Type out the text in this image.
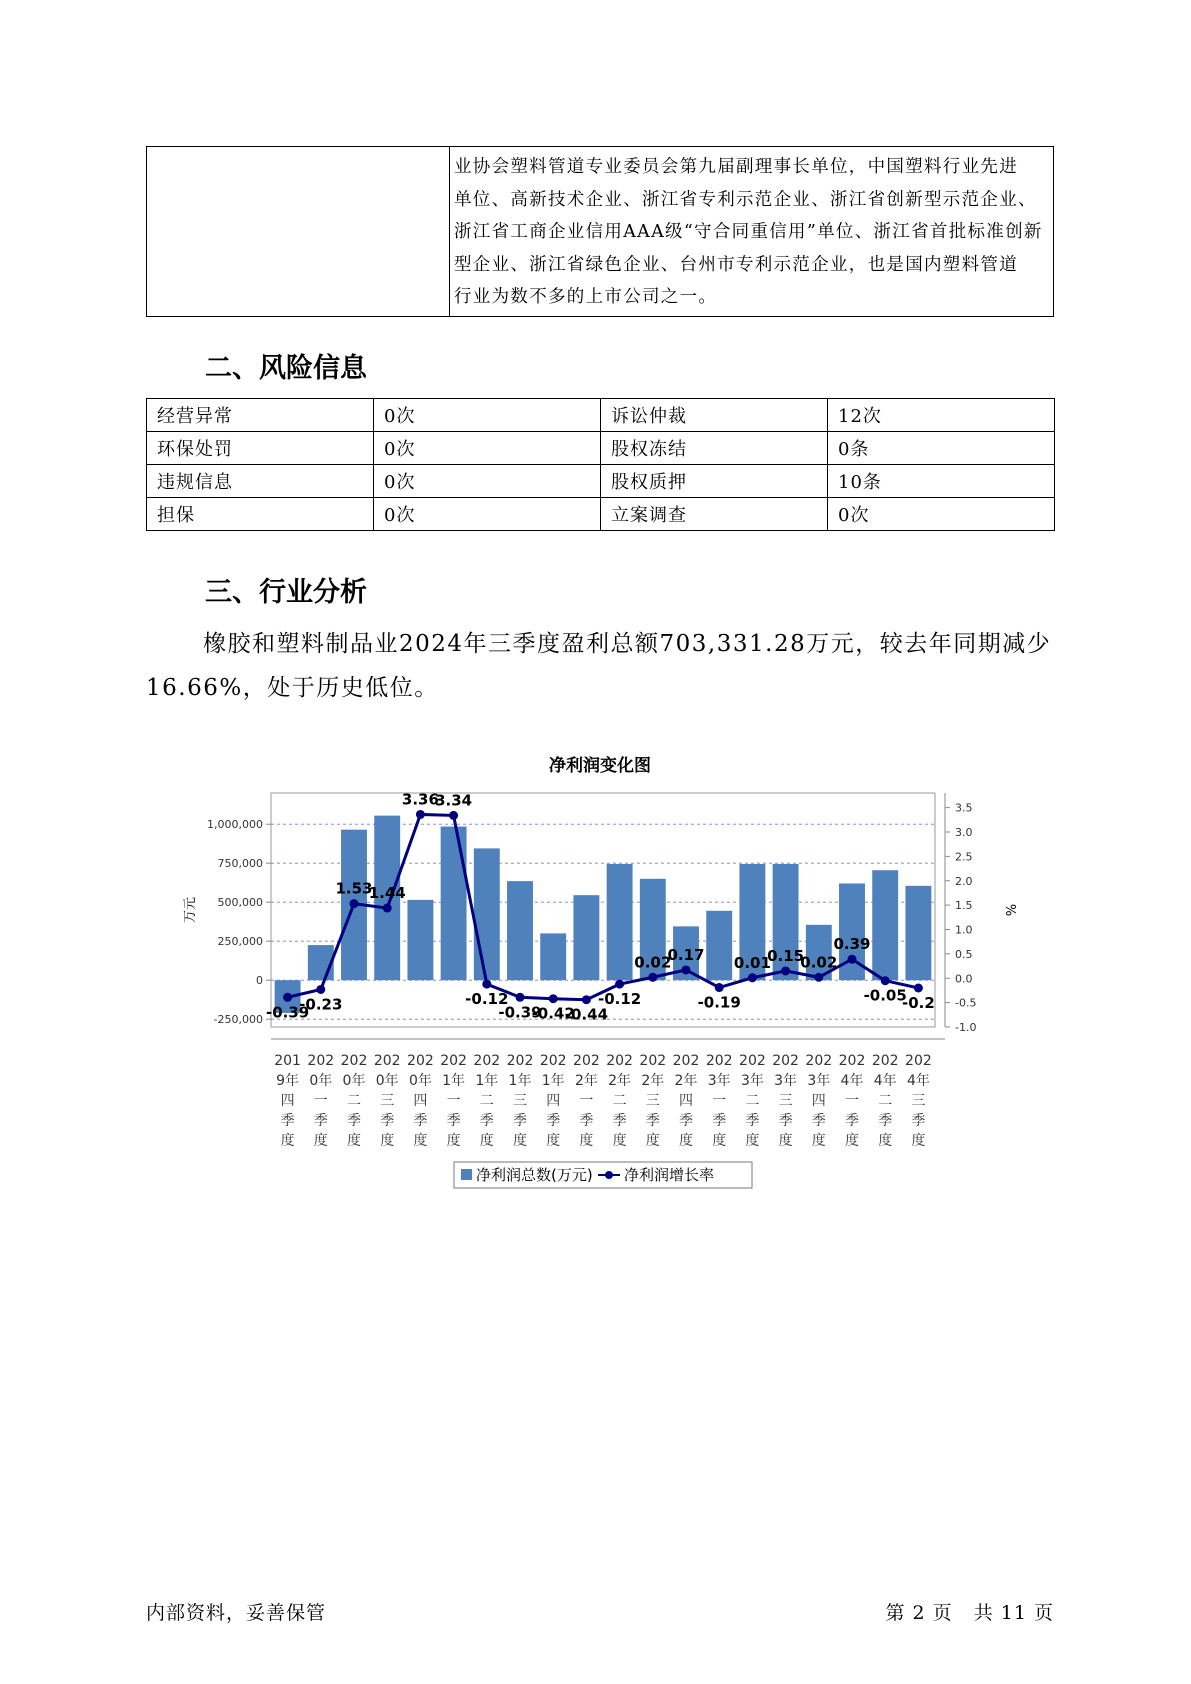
业协会塑料管道专业委员会第九届副理事长单位，中国塑料行业先进
单位、高新技术企业、浙江省专利示范企业、浙江省创新型示范企业、
浙江省工商企业信用AAA级“守合同重信用”单位、浙江省首批标准创新
型企业、浙江省绿色企业、台州市专利示范企业，也是国内塑料管道
行业为数不多的上市公司之一。
二、风险信息
经营异常	0次	诉讼仲裁	12次
环保处罚	0次	股权冻结	0条
违规信息	0次	股权质押	10条
担保	0次	立案调查	0次
三、行业分析

橡胶和塑料制品业2024年三季度盈利总额703,331.28万元，较去年同期减少16.66%，处于历史低位。

净利润变化图
-0.39
-0.23
1.53
1.44
3.36
3.34
-0.12
-0.39
-0.42
-0.44
-0.12
0.02
0.17
-0.19
0.01
0.15
0.02
0.39
-0.05
-0.2
-250,000
0
250,000
500,000
750,000
1,000,000
-1.0
-0.5
0.0
0.5
1.0
1.5
2.0
2.5
3.0
3.5
201
9年
四
季
度
202
0年
一
季
度
202
0年
二
季
度
202
0年
三
季
度
202
0年
四
季
度
202
1年
一
季
度
202
1年
二
季
度
202
1年
三
季
度
202
1年
四
季
度
202
2年
一
季
度
202
2年
二
季
度
202
2年
三
季
度
202
2年
四
季
度
202
3年
一
季
度
202
3年
二
季
度
202
3年
三
季
度
202
3年
四
季
度
202
4年
一
季
度
202
4年
二
季
度
202
4年
三
季
度
万元	%
净利润总数(万元) 净利润增长率
内部资料，妥善保管	第 2 页   共 11 页
